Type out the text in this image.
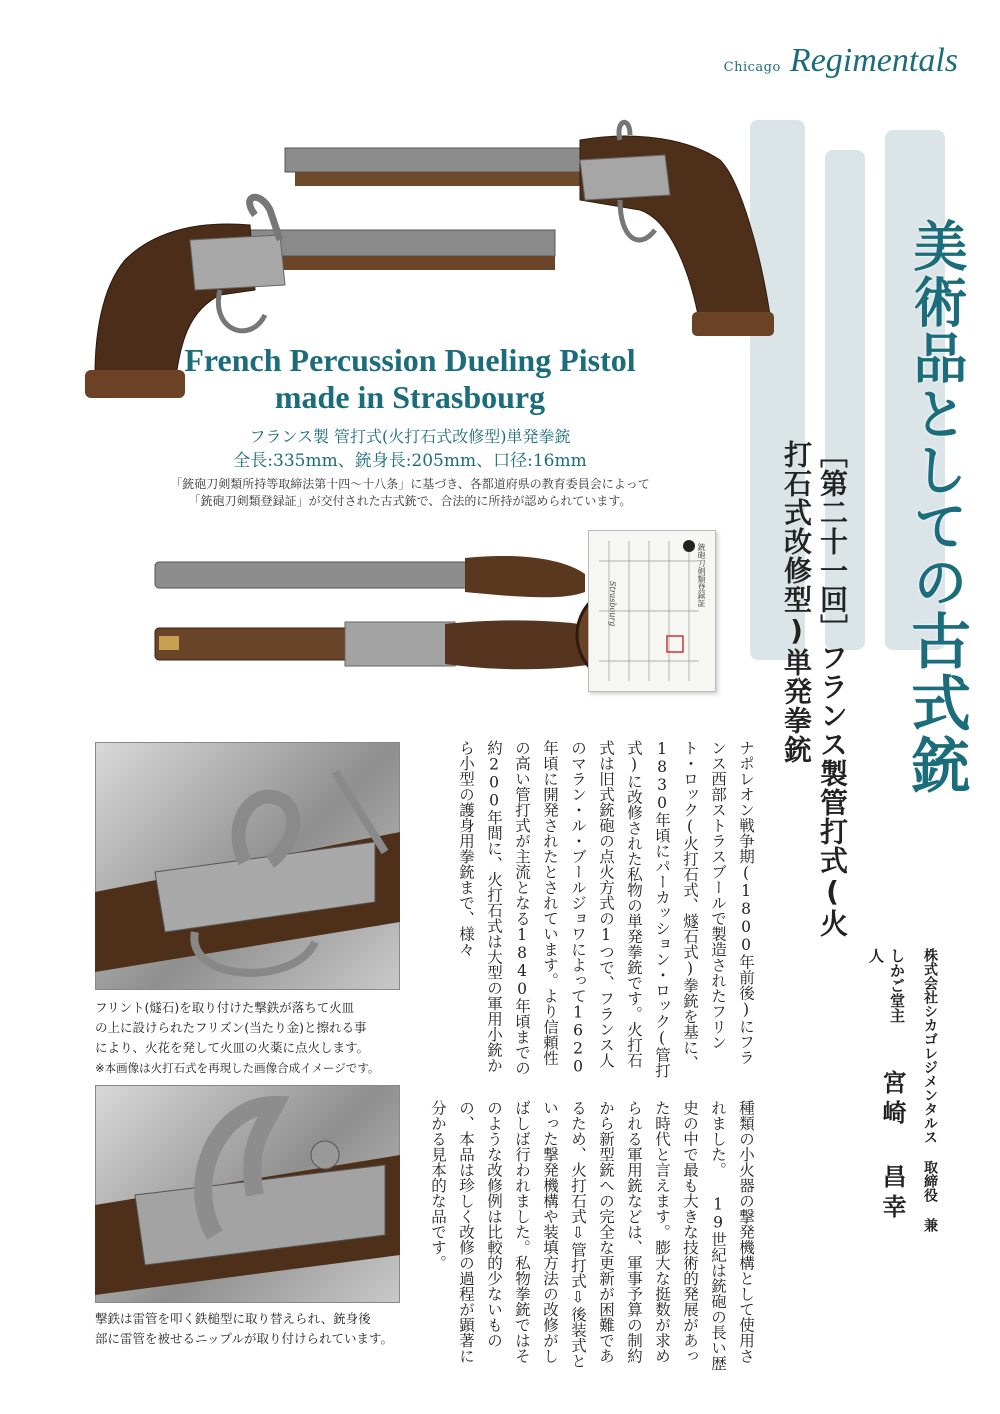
Chicago Regimentals
French Percussion Dueling Pistol
made in Strasbourg
フランス製 管打式(火打石式改修型)単発拳銃
全長:335mm、銃身長:205mm、口径:16mm
「銃砲刀剣類所持等取締法第十四～十八条」に基づき、各都道府県の教育委員会によって
「銃砲刀剣類登録証」が交付された古式銃で、合法的に所持が認められています。
銃砲刀剣類登録証
Strasbourg	美術品としての古式銃
［第二十一回］フランス製管打式(火打石式改修型)単発拳銃
株式会社シカゴレジメンタルス 取締役 兼
しかご堂主人
宮崎 昌幸
ナポレオン戦争期(1800年前後)にフランス西部ストラスブールで製造されたフリント・ロック(火打石式、燧石式)拳銃を基に、1830年頃にパーカッション・ロック(管打式)に改修された私物の単発拳銃です。火打石式は旧式銃砲の点火方式の1つで、フランス人のマラン・ル・ブールジョワによって1620年頃に開発されたとされています。より信頼性の高い管打式が主流となる1840年頃までの約200年間に、火打石式は大型の軍用小銃から小型の護身用拳銃まで、様々
種類の小火器の撃発機構として使用されました。 19世紀は銃砲の長い歴史の中で最も大きな技術的発展があった時代と言えます。膨大な挺数が求められる軍用銃などは、軍事予算の制約から新型銃への完全な更新が困難であるため、火打石式⇩管打式⇩後装式といった撃発機構や装填方法の改修がしばしば行われました。私物拳銃ではそのような改修例は比較的少ないものの、本品は珍しく改修の過程が顕著に分かる見本的な品です。
フリント(燧石)を取り付けた撃鉄が落ちて火皿
の上に設けられたフリズン(当たり金)と擦れる事
により、火花を発して火皿の火薬に点火します。
※本画像は火打石式を再現した画像合成イメージです。
撃鉄は雷管を叩く鉄槌型に取り替えられ、銃身後
部に雷管を被せるニップルが取り付けられています。
